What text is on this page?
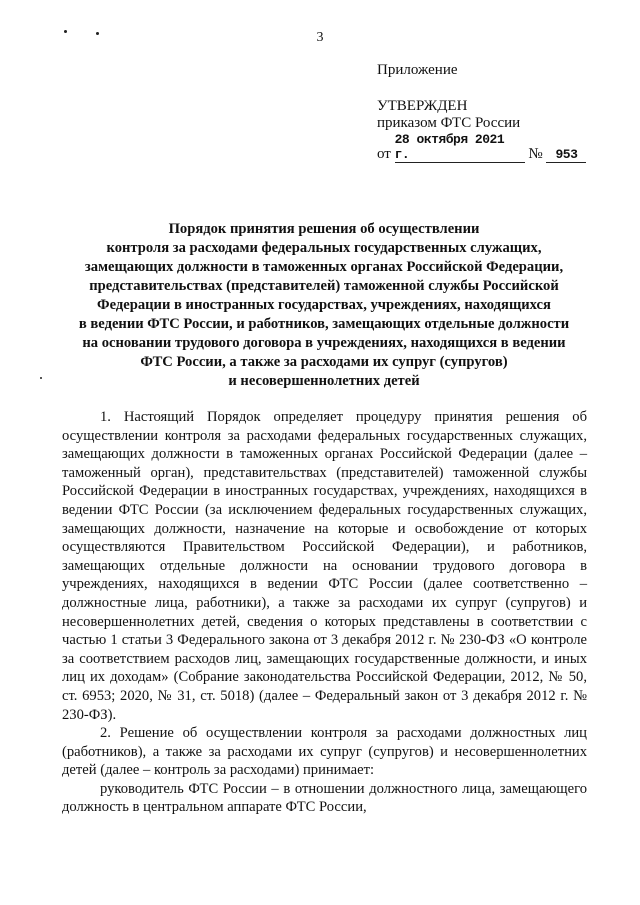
3
Приложение
УТВЕРЖДЕН
приказом ФТС России
от 28 октября 2021 г.	№ 953
Порядок принятия решения об осуществлении
контроля за расходами федеральных государственных служащих,
замещающих должности в таможенных органах Российской Федерации,
представительствах (представителей) таможенной службы Российской
Федерации в иностранных государствах, учреждениях, находящихся
в ведении ФТС России, и работников, замещающих отдельные должности
на основании трудового договора в учреждениях, находящихся в ведении
ФТС России, а также за расходами их супруг (супругов)
и несовершеннолетних детей

1. Настоящий Порядок определяет процедуру принятия решения об осуществлении контроля за расходами федеральных государственных служащих, замещающих должности в таможенных органах Российской Федерации (далее – таможенный орган), представительствах (представителей) таможенной службы Российской Федерации в иностранных государствах, учреждениях, находящихся в ведении ФТС России (за исключением федеральных государственных служащих, замещающих должности, назначение на которые и освобождение от которых осуществляются Правительством Российской Федерации), и работников, замещающих отдельные должности на основании трудового договора в учреждениях, находящихся в ведении ФТС России (далее соответственно – должностные лица, работники), а также за расходами их супруг (супругов) и несовершеннолетних детей, сведения о которых представлены в соответствии с частью 1 статьи 3 Федерального закона от 3 декабря 2012 г. № 230-ФЗ «О контроле за соответствием расходов лиц, замещающих государственные должности, и иных лиц их доходам» (Собрание законодательства Российской Федерации, 2012, № 50, ст. 6953; 2020, № 31, ст. 5018) (далее – Федеральный закон от 3 декабря 2012 г. № 230-ФЗ).

2. Решение об осуществлении контроля за расходами должностных лиц (работников), а также за расходами их супруг (супругов) и несовершеннолетних детей (далее – контроль за расходами) принимает:

руководитель ФТС России – в отношении должностного лица, замещающего должность в центральном аппарате ФТС России,
